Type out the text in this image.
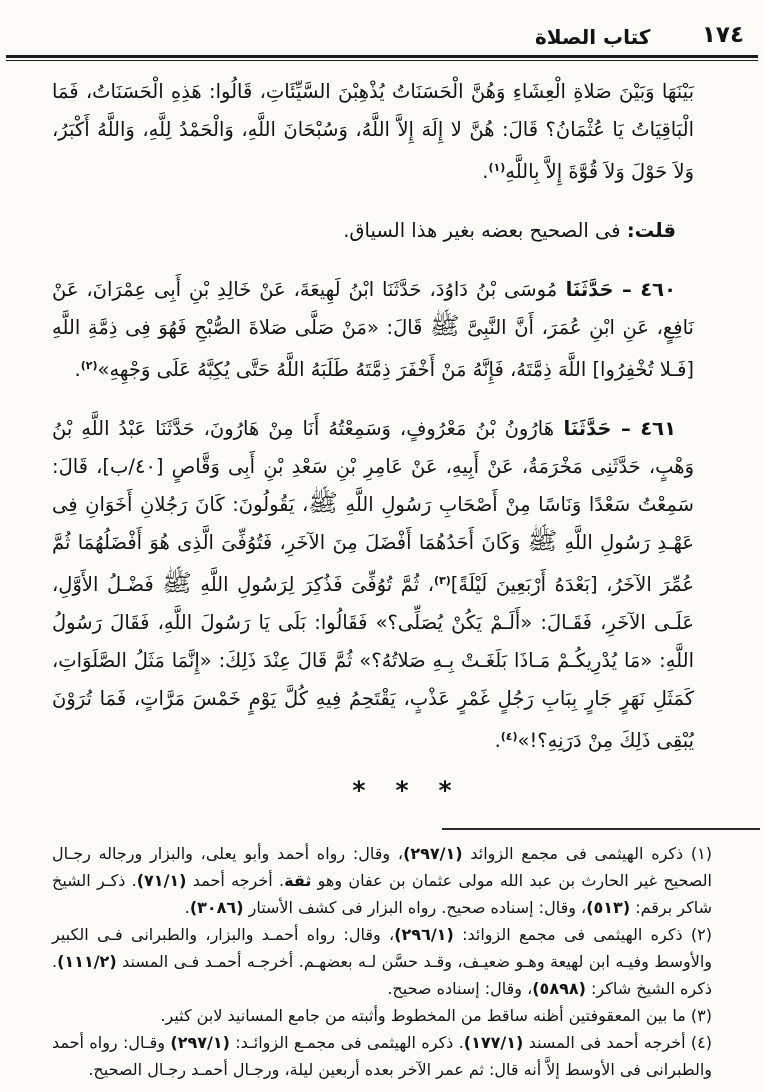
١٧٤
كتاب الصلاة

بَيْنَهَا وَبَيْنَ صَلاةِ الْعِشَاءِ وَهُنَّ الْحَسَنَاتُ يُذْهِبْنَ السَّيِّئَاتِ، قَالُوا: هَذِهِ الْحَسَنَاتُ، فَمَا الْبَاقِيَاتُ يَا عُثْمَانُ؟ قَالَ: هُنَّ لا إِلَهَ إِلاَّ اللَّهُ، وَسُبْحَانَ اللَّهِ، وَالْحَمْدُ لِلَّهِ، وَاللَّهُ أَكْبَرُ، وَلاَ حَوْلَ وَلاَ قُوَّةَ إِلاَّ بِاللَّهِ$^{(١)}$.

قلت: فى الصحيح بعضه بغير هذا السياق.

٤٦٠ – حَدَّثَنَا مُوسَى بْنُ دَاوُدَ، حَدَّثَنَا ابْنُ لَهِيعَةَ، عَنْ خَالِدِ بْنِ أَبِى عِمْرَانَ، عَنْ نَافِعٍ، عَنِ ابْنِ عُمَرَ، أَنَّ النَّبِىَّ ﷺ قَالَ: «مَنْ صَلَّى صَلاةَ الصُّبْحِ فَهُوَ فِى ذِمَّةِ اللَّهِ [فَـلا تُخْفِرُوا] اللَّهَ ذِمَّتَهُ، فَإِنَّهُ مَنْ أَخْفَرَ ذِمَّتَهُ طَلَبَهُ اللَّهُ حَتَّى يُكِبَّهُ عَلَى وَجْهِهِ»$^{(٢)}$.

٤٦١ – حَدَّثَنَا هَارُونُ بْنُ مَعْرُوفٍ، وَسَمِعْتُهُ أَنَا مِنْ هَارُونَ، حَدَّثَنَا عَبْدُ اللَّهِ بْنُ وَهْبٍ، حَدَّثَنِى مَخْرَمَةُ، عَنْ أَبِيهِ، عَنْ عَامِرِ بْنِ سَعْدِ بْنِ أَبِى وَقَّاصٍ [٤٠/ب]، قَالَ: سَمِعْتُ سَعْدًا وَنَاسًا مِنْ أَصْحَابِ رَسُولِ اللَّهِ ﷺ، يَقُولُونَ: كَانَ رَجُلانِ أَخَوَانِ فِى عَهْـدِ رَسُولِ اللَّهِ ﷺ وَكَانَ أَحَدُهُمَا أَفْضَلَ مِنَ الآخَرِ، فَتُوُفِّىَ الَّذِى هُوَ أَفْضَلُهُمَا ثُمَّ عُمِّرَ الآخَرُ، [بَعْدَهُ أَرْبَعِينَ لَيْلَةً]$^{(٣)}$، ثُمَّ تُوُفِّىَ فَذُكِرَ لِرَسُولِ اللَّهِ ﷺ فَضْـلُ الأَوَّلِ، عَلَـى الآخَرِ، فَقَـالَ: «أَلَـمْ يَكُنْ يُصَلِّى؟» فَقَالُوا: بَلَى يَا رَسُولَ اللَّهِ، فَقَالَ رَسُولُ اللَّهِ: «مَا يُدْرِيكُـمْ مَـاذَا بَلَغَـتْ بِـهِ صَلاتُهُ؟» ثُمَّ قَالَ عِنْدَ ذَلِكَ: «إِنَّمَا مَثَلُ الصَّلَوَاتِ، كَمَثَلِ نَهَرٍ جَارٍ بِبَابِ رَجُلٍ غَمْرٍ عَذْبٍ، يَقْتَحِمُ فِيهِ كُلَّ يَوْمٍ خَمْسَ مَرَّاتٍ، فَمَا تُرَوْنَ يُبْقِى ذَلِكَ مِنْ دَرَنِهِ؟!»$^{(٤)}$.

***

(١) ذكره الهيثمى فى مجمع الزوائد (٢٩٧/١)، وقال: رواه أحمد وأبو يعلى، والبزار ورجاله رجـال الصحيح غير الحارث بن عبد الله مولى عثمان بن عفان وهو ثقة. أخرجه أحمد (٧١/١). ذكـر الشيخ شاكر برقم: (٥١٣)، وقال: إسناده صحيح. رواه البزار فى كشف الأستار (٣٠٨٦).

(٢) ذكره الهيثمى فى مجمع الزوائد: (٢٩٦/١)، وقال: رواه أحمـد والبزار، والطبرانى فـى الكبير والأوسط وفيـه ابن لهيعة وهـو ضعيـف، وقـد حسَّن لـه بعضهـم. أخرجـه أحمـد فـى المسند (١١١/٢). ذكره الشيخ شاكر: (٥٨٩٨)، وقال: إسناده صحيح.

(٣) ما بين المعقوفتين أظنه ساقط من المخطوط وأثبته من جامع المسانيد لابن كثير.

(٤) أخرجه أحمد فى المسند (١٧٧/١). ذكره الهيثمى فى مجمـع الزوائـد: (٢٩٧/١) وقـال: رواه أحمد والطبرانى فى الأوسط إلاَّ أنه قال: ثم عمر الآخر بعده أربعين ليلة، ورجـال أحمـد رجـال الصحيح.
